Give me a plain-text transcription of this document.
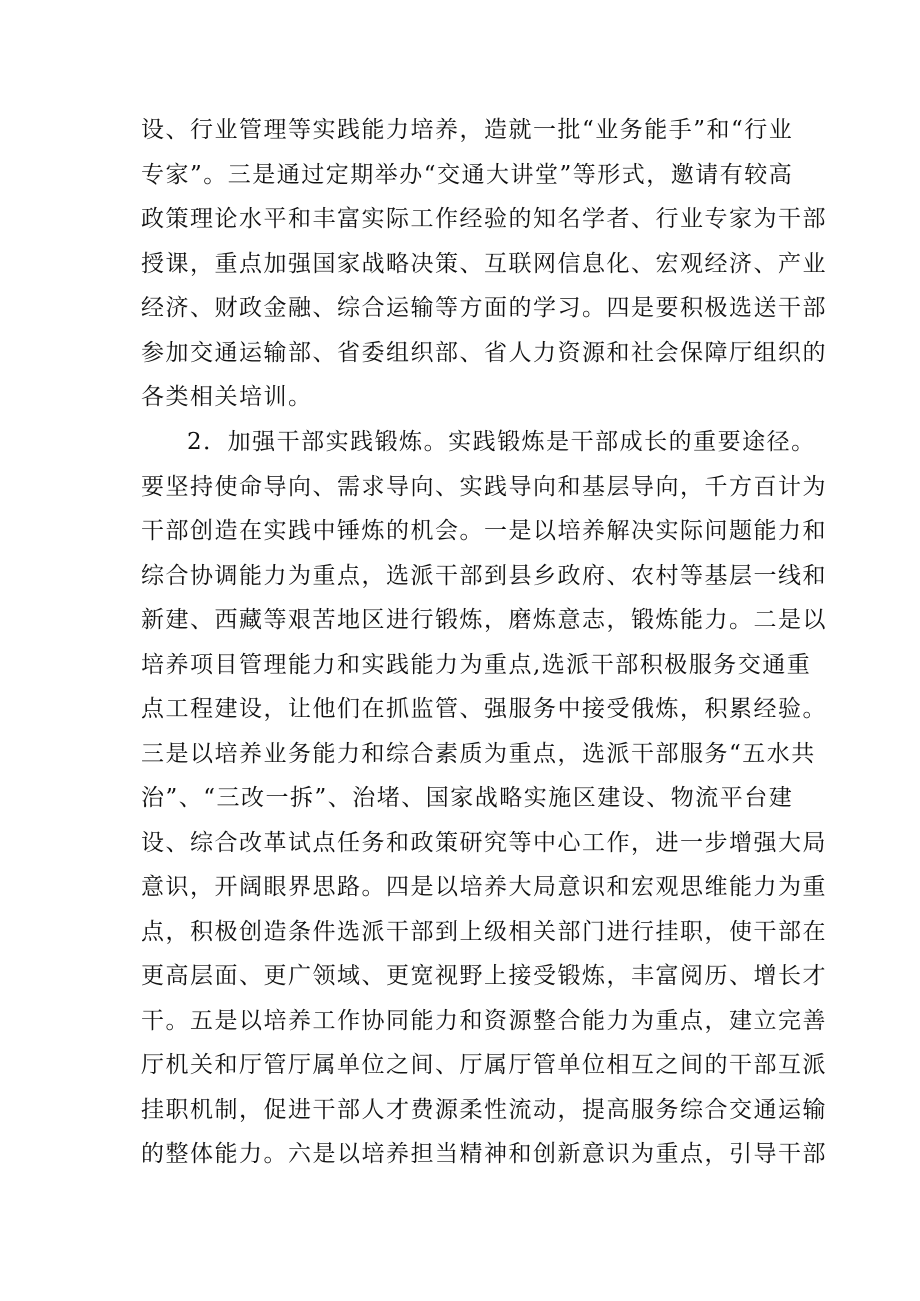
设、行业管理等实践能力培养，造就一批“业务能手”和“行业
专家”。三是通过定期举办“交通大讲堂”等形式，邀请有较高
政策理论水平和丰富实际工作经验的知名学者、行业专家为干部
授课，重点加强国家战略决策、互联网信息化、宏观经济、产业
经济、财政金融、综合运输等方面的学习。四是要积极选送干部
参加交通运输部、省委组织部、省人力资源和社会保障厅组织的
各类相关培训。
2．加强干部实践锻炼。实践锻炼是干部成长的重要途径。
要坚持使命导向、需求导向、实践导向和基层导向，千方百计为
干部创造在实践中锤炼的机会。一是以培养解决实际问题能力和
综合协调能力为重点，选派干部到县乡政府、农村等基层一线和
新建、西藏等艰苦地区进行锻炼，磨炼意志，锻炼能力。二是以
培养项目管理能力和实践能力为重点,选派干部积极服务交通重
点工程建设，让他们在抓监管、强服务中接受俄炼，积累经验。
三是以培养业务能力和综合素质为重点，选派干部服务“五水共
治”、“三改一拆”、治堵、国家战略实施区建设、物流平台建
设、综合改革试点任务和政策研究等中心工作，进一步增强大局
意识，开阔眼界思路。四是以培养大局意识和宏观思维能力为重
点，积极创造条件选派干部到上级相关部门进行挂职，使干部在
更高层面、更广领域、更宽视野上接受锻炼，丰富阅历、增长才
干。五是以培养工作协同能力和资源整合能力为重点，建立完善
厅机关和厅管厅属单位之间、厅属厅管单位相互之间的干部互派
挂职机制，促进干部人才费源柔性流动，提高服务综合交通运输
的整体能力。六是以培养担当精神和创新意识为重点，引导干部
